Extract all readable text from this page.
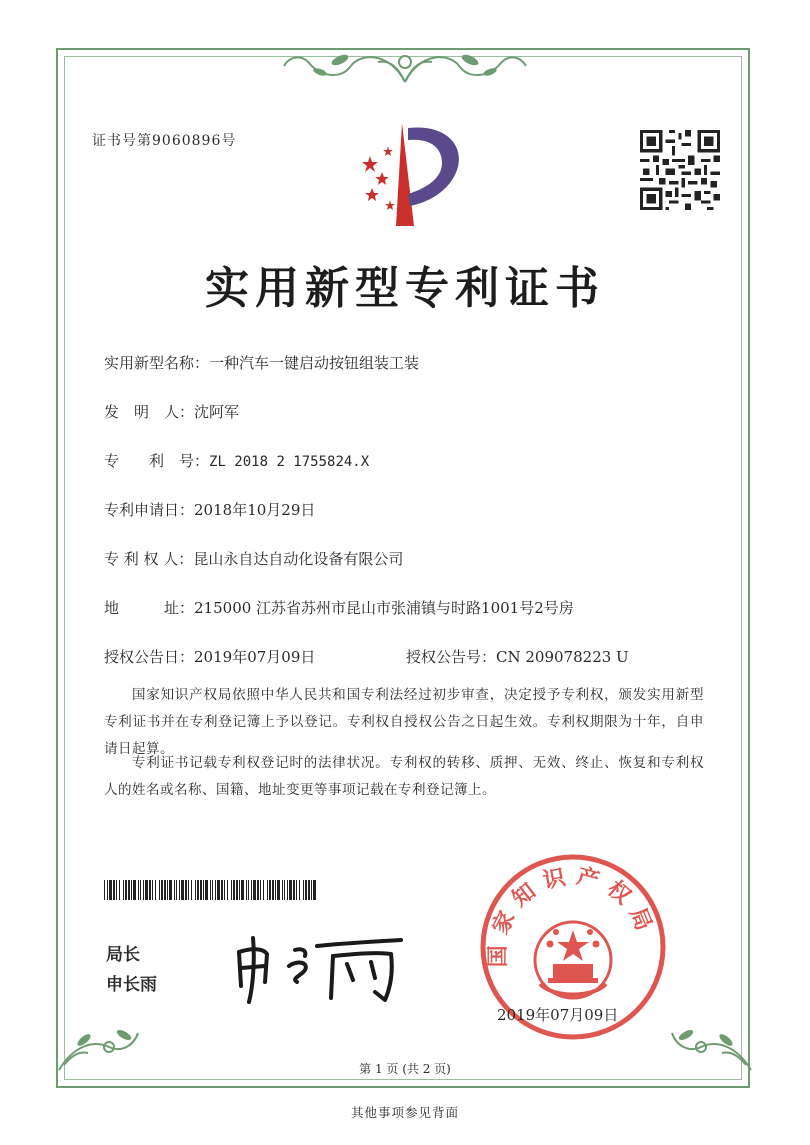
证书号第9060896号
实用新型专利证书
实用新型名称：一种汽车一键启动按钮组装工装
发　明　人：沈阿军
专　　利　号：ZL 2018 2 1755824.X
专利申请日：2018年10月29日
专 利 权 人：昆山永自达自动化设备有限公司
地　　　址：215000 江苏省苏州市昆山市张浦镇与时路1001号2号房
授权公告日：2019年07月09日	授权公告号：CN 209078223 U
国家知识产权局依照中华人民共和国专利法经过初步审查，决定授予专利权，颁发实用新型专利证书并在专利登记簿上予以登记。专利权自授权公告之日起生效。专利权期限为十年，自申请日起算。
专利证书记载专利权登记时的法律状况。专利权的转移、质押、无效、终止、恢复和专利权人的姓名或名称、国籍、地址变更等事项记载在专利登记簿上。
局长
申长雨
国家知识产权局
2019年07月09日
第 1 页 (共 2 页)
其他事项参见背面
